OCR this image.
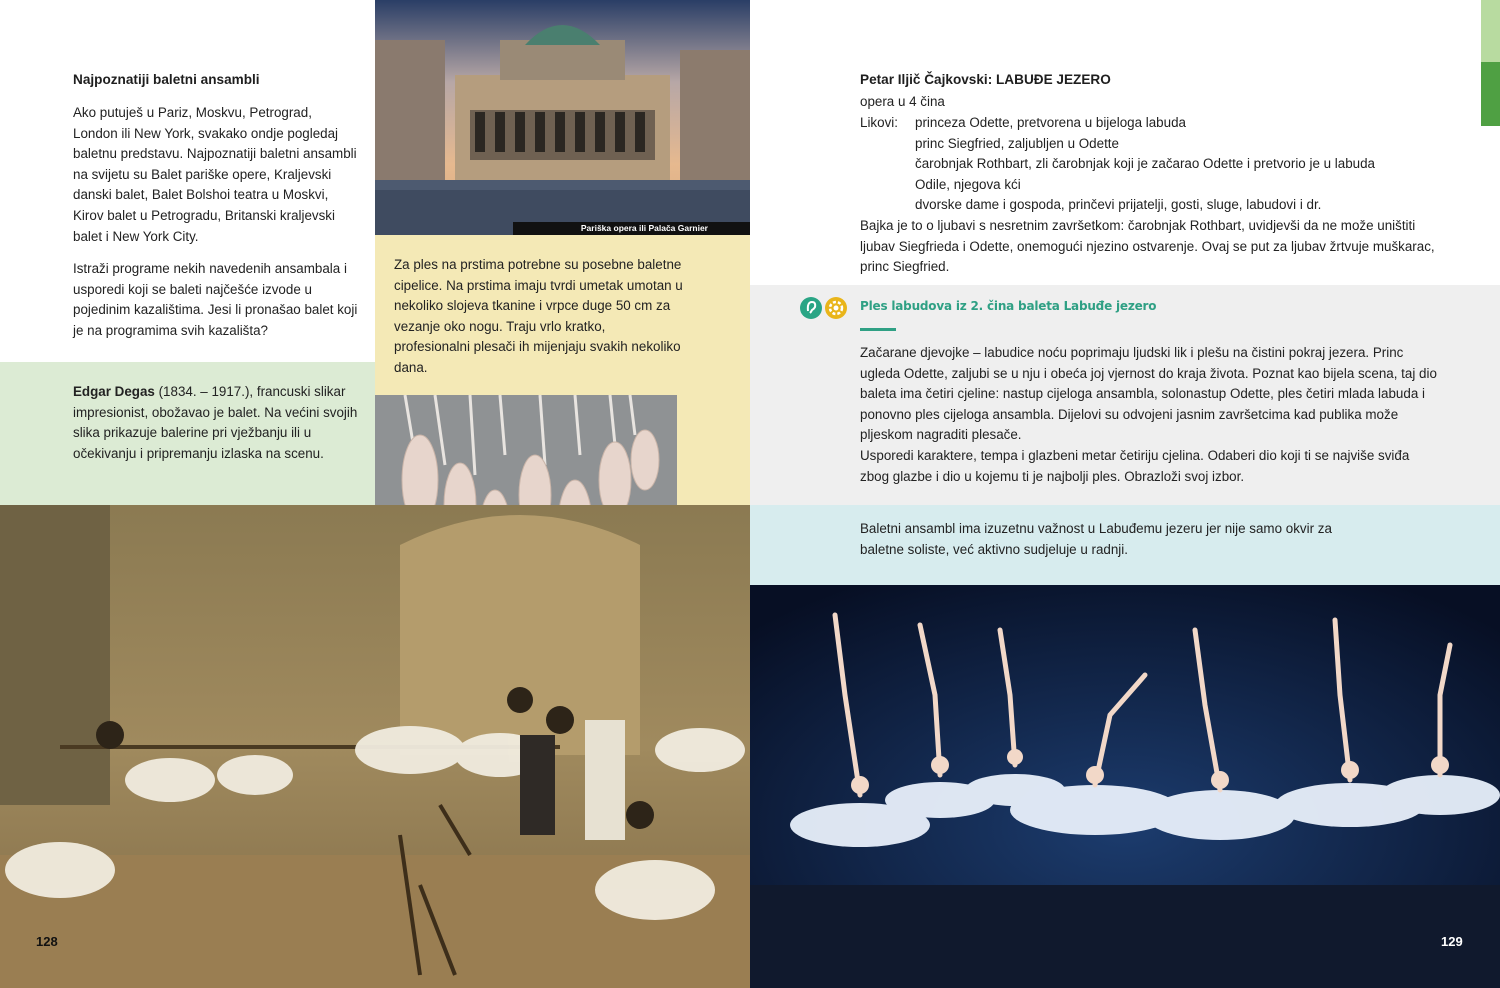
Najpoznatiji baletni ansambli
Ako putuješ u Pariz, Moskvu, Petrograd, London ili New York, svakako ondje pogledaj baletnu predstavu. Najpoznatiji baletni ansambli na svijetu su Balet pariške opere, Kraljevski danski balet, Balet Bolshoi teatra u Moskvi, Kirov balet u Petrogradu, Britanski kraljevski balet i New York City.
Istraži programe nekih navedenih ansambala i usporedi koji se baleti najčešće izvode u pojedinim kazalištima. Jesi li pronašao balet koji je na programima svih kazališta?
Edgar Degas (1834. – 1917.), francuski slikar impresionist, obožavao je balet. Na većini svojih slika prikazuje balerine pri vježbanju ili u očekivanju i pripremanju izlaska na scenu.
Pariška opera ili Palača Garnier
Za ples na prstima potrebne su posebne baletne cipelice. Na prstima imaju tvrdi umetak umotan u nekoliko slojeva tkanine i vrpce duge 50 cm za vezanje oko nogu. Traju vrlo kratko, profesionalni plesači ih mijenjaju svakih nekoliko dana.
128
Petar Iljič Čajkovski: LABUĐE JEZERO
opera u 4 čina
Likovi: princeza Odette, pretvorena u bijeloga labuda
princ Siegfried, zaljubljen u Odette
čarobnjak Rothbart, zli čarobnjak koji je začarao Odette i pretvorio je u labuda
Odile, njegova kći
dvorske dame i gospoda, prinčevi prijatelji, gosti, sluge, labudovi i dr.
Bajka je to o ljubavi s nesretnim završetkom: čarobnjak Rothbart, uvidjevši da ne može uništiti ljubav Siegfrieda i Odette, onemogući njezino ostvarenje. Ovaj se put za ljubav žrtvuje muškarac, princ Siegfried.
Ples labudova iz 2. čina baleta Labuđe jezero
Začarane djevojke – labudice noću poprimaju ljudski lik i plešu na čistini pokraj jezera. Princ ugleda Odette, zaljubi se u nju i obeća joj vjernost do kraja života. Poznat kao bijela scena, taj dio baleta ima četiri cjeline: nastup cijeloga ansambla, solonastup Odette, ples četiri mlada labuda i ponovno ples cijeloga ansambla. Dijelovi su odvojeni jasnim završetcima kad publika može pljeskom nagraditi plesače.
Usporedi karaktere, tempa i glazbeni metar četiriju cjelina. Odaberi dio koji ti se najviše sviđa zbog glazbe i dio u kojemu ti je najbolji ples. Obrazloži svoj izbor.
Baletni ansambl ima izuzetnu važnost u Labuđemu jezeru jer nije samo okvir za baletne soliste, već aktivno sudjeluje u radnji.
129
